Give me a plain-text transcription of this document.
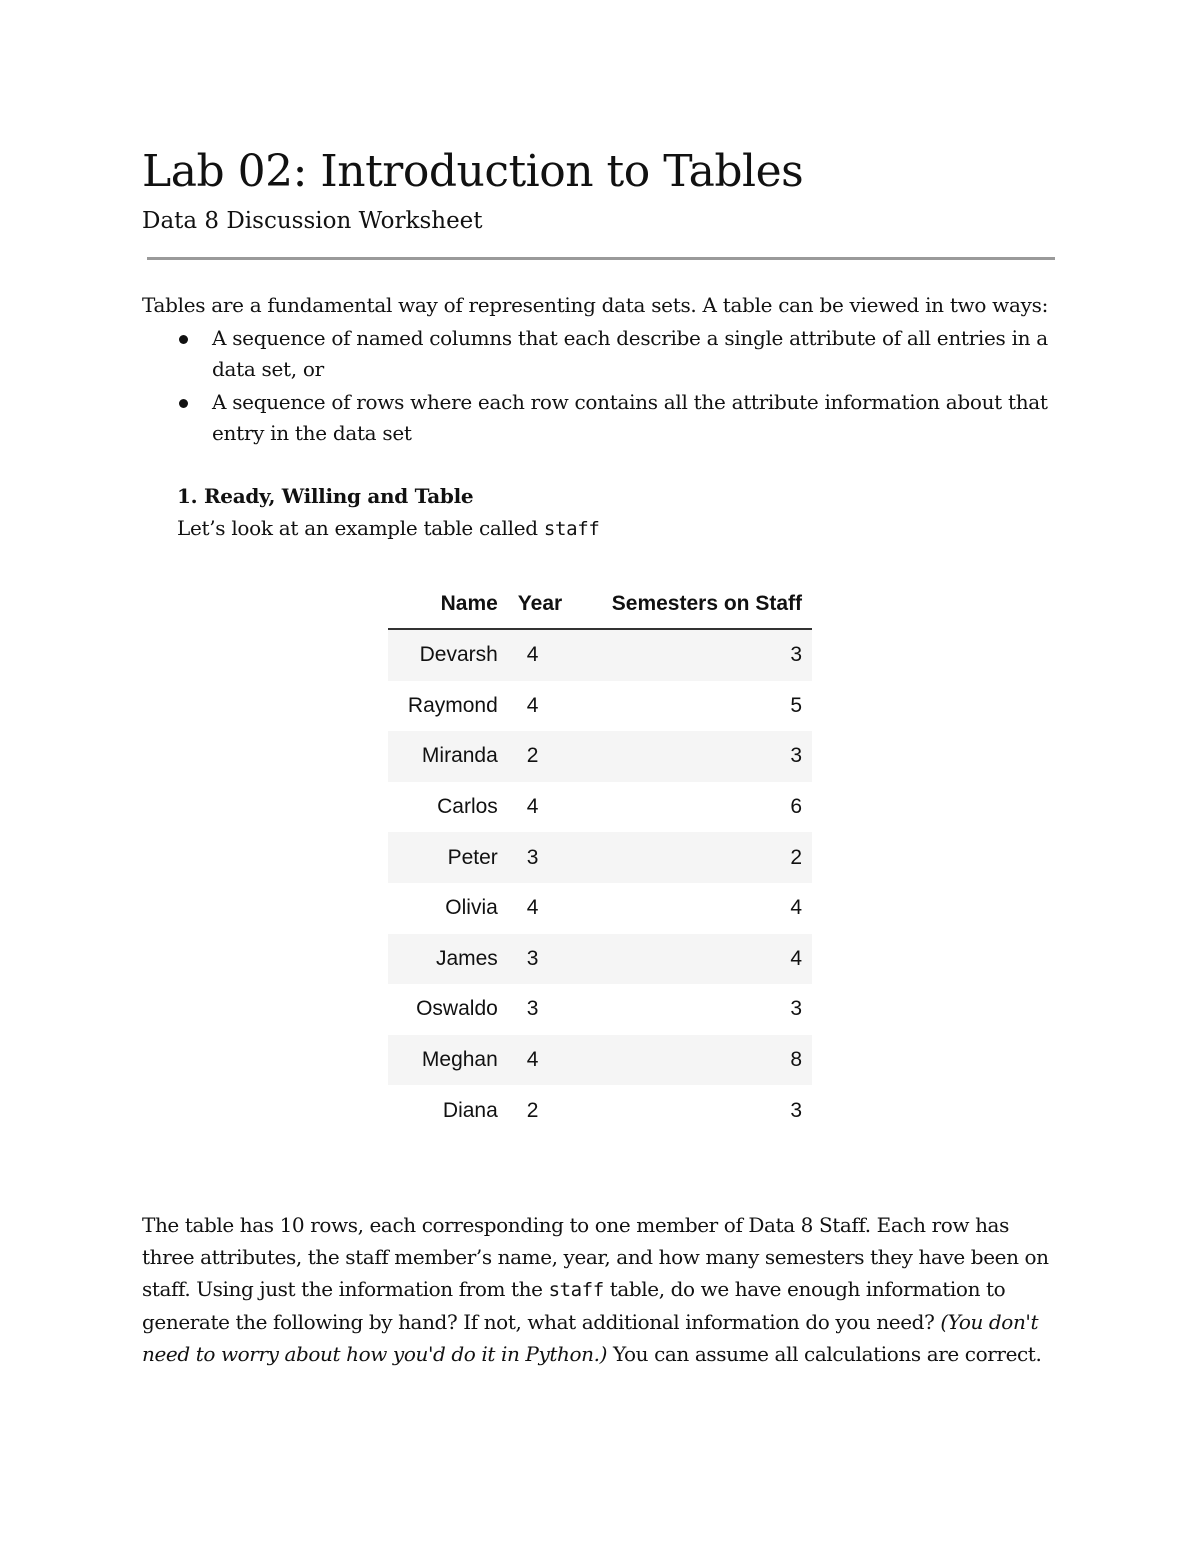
Lab 02: Introduction to Tables

Data 8 Discussion Worksheet

Tables are a fundamental way of representing data sets. A table can be viewed in two ways:

A sequence of named columns that each describe a single attribute of all entries in a data set, or
A sequence of rows where each row contains all the attribute information about that entry in the data set

1. Ready, Willing and Table

Let’s look at an example table called staff

Name	Year	Semesters on Staff
Devarsh	4	3
Raymond	4	5
Miranda	2	3
Carlos	4	6
Peter	3	2
Olivia	4	4
James	3	4
Oswaldo	3	3
Meghan	4	8
Diana	2	3

The table has 10 rows, each corresponding to one member of Data 8 Staff. Each row has three attributes, the staff member’s name, year, and how many semesters they have been on staff. Using just the information from the staff table, do we have enough information to generate the following by hand? If not, what additional information do you need? (You don't need to worry about how you'd do it in Python.) You can assume all calculations are correct.
